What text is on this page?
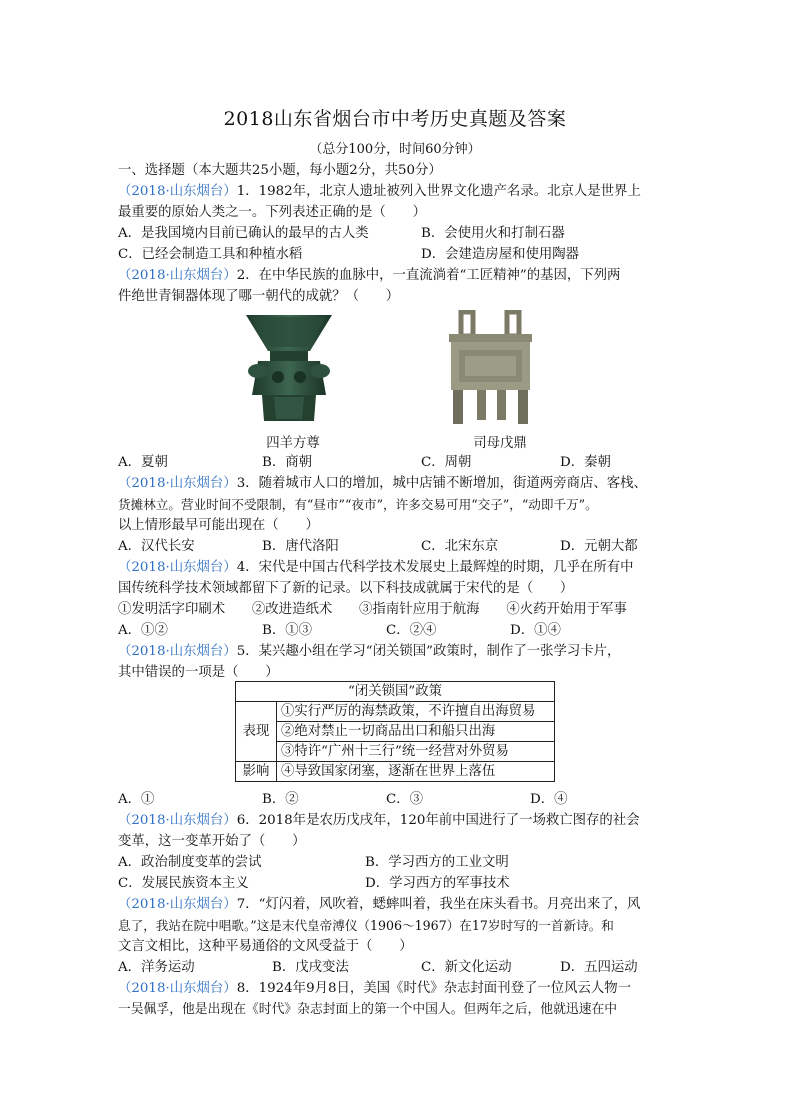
2018山东省烟台市中考历史真题及答案
（总分100分，时间60分钟）
一、选择题（本大题共25小题，每小题2分，共50分）
（2018·山东烟台）1．1982年，北京人遗址被列入世界文化遗产名录。北京人是世界上
最重要的原始人类之一。下列表述正确的是（　　）
A．是我国境内目前已确认的最早的古人类	B．会使用火和打制石器
C．已经会制造工具和种植水稻	D．会建造房屋和使用陶器
（2018·山东烟台）2．在中华民族的血脉中，一直流淌着“工匠精神”的基因，下列两
件绝世青铜器体现了哪一朝代的成就？（　　）
四羊方尊	司母戊鼎
A．夏朝	B．商朝	C．周朝	D．秦朝
（2018·山东烟台）3．随着城市人口的增加，城中店铺不断增加，街道两旁商店、客栈、
货摊林立。营业时间不受限制，有“昼市”“夜市”，许多交易可用“交子”，“动即千万”。
以上情形最早可能出现在（　　）
A．汉代长安	B．唐代洛阳	C．北宋东京	D．元朝大都
（2018·山东烟台）4．宋代是中国古代科学技术发展史上最辉煌的时期，几乎在所有中
国传统科学技术领域都留下了新的记录。以下科技成就属于宋代的是（　　）
①发明活字印刷术　　②改进造纸术　　③指南针应用于航海　　④火药开始用于军事
A．①②	B．①③	C．②④	D．①④
（2018·山东烟台）5．某兴趣小组在学习“闭关锁国”政策时，制作了一张学习卡片，
其中错误的一项是（　　）
“闭关锁国”政策	
表现	①实行严厉的海禁政策，不许擅自出海贸易
	②绝对禁止一切商品出口和船只出海
	③特许“广州十三行”统一经营对外贸易
影响	④导致国家闭塞，逐渐在世界上落伍
A．①	B．②	C．③	D．④
（2018·山东烟台）6．2018年是农历戊戌年，120年前中国进行了一场救亡图存的社会
变革，这一变革开始了（　　）
A．政治制度变革的尝试	B．学习西方的工业文明
C．发展民族资本主义	D．学习西方的军事技术
（2018·山东烟台）7．“灯闪着，风吹着，蟋蟀叫着，我坐在床头看书。月亮出来了，风
息了，我站在院中唱歌。”这是末代皇帝溥仪（1906～1967）在17岁时写的一首新诗。和
文言文相比，这种平易通俗的文风受益于（　　）
A．洋务运动	B．戊戌变法	C．新文化运动	D．五四运动
（2018·山东烟台）8．1924年9月8日，美国《时代》杂志封面刊登了一位风云人物一
一吴佩孚，他是出现在《时代》杂志封面上的第一个中国人。但两年之后，他就迅速在中
